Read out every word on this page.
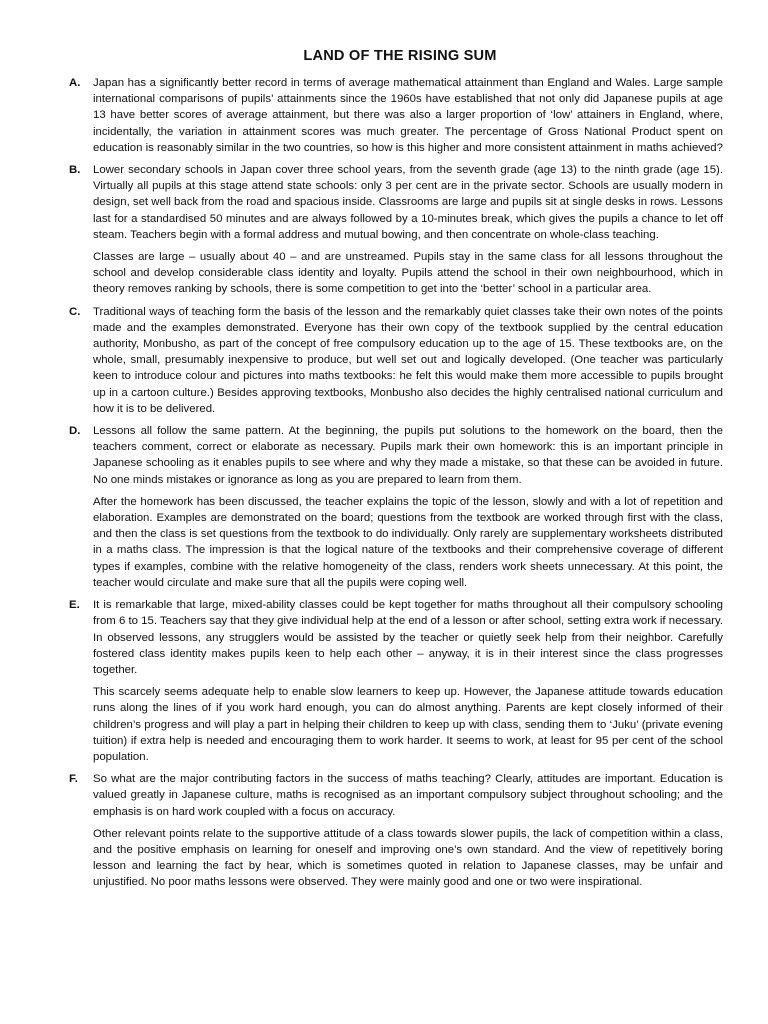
LAND OF THE RISING SUM
A.	Japan has a significantly better record in terms of average mathematical attainment than England and Wales. Large sample international comparisons of pupils’ attainments since the 1960s have established that not only did Japanese pupils at age 13 have better scores of average attainment, but there was also a larger proportion of ‘low’ attainers in England, where, incidentally, the variation in attainment scores was much greater. The percentage of Gross National Product spent on education is reasonably similar in the two countries, so how is this higher and more consistent attainment in maths achieved?

B.	Lower secondary schools in Japan cover three school years, from the seventh grade (age 13) to the ninth grade (age 15). Virtually all pupils at this stage attend state schools: only 3 per cent are in the private sector. Schools are usually modern in design, set well back from the road and spacious inside. Classrooms are large and pupils sit at single desks in rows. Lessons last for a standardised 50 minutes and are always followed by a 10-minutes break, which gives the pupils a chance to let off steam. Teachers begin with a formal address and mutual bowing, and then concentrate on whole-class teaching.

Classes are large – usually about 40 – and are unstreamed. Pupils stay in the same class for all lessons throughout the school and develop considerable class identity and loyalty. Pupils attend the school in their own neighbourhood, which in theory removes ranking by schools, there is some competition to get into the ‘better’ school in a particular area.

C.	Traditional ways of teaching form the basis of the lesson and the remarkably quiet classes take their own notes of the points made and the examples demonstrated. Everyone has their own copy of the textbook supplied by the central education authority, Monbusho, as part of the concept of free compulsory education up to the age of 15. These textbooks are, on the whole, small, presumably inexpensive to produce, but well set out and logically developed. (One teacher was particularly keen to introduce colour and pictures into maths textbooks: he felt this would make them more accessible to pupils brought up in a cartoon culture.) Besides approving textbooks, Monbusho also decides the highly centralised national curriculum and how it is to be delivered.

D.	Lessons all follow the same pattern. At the beginning, the pupils put solutions to the homework on the board, then the teachers comment, correct or elaborate as necessary. Pupils mark their own homework: this is an important principle in Japanese schooling as it enables pupils to see where and why they made a mistake, so that these can be avoided in future. No one minds mistakes or ignorance as long as you are prepared to learn from them.

After the homework has been discussed, the teacher explains the topic of the lesson, slowly and with a lot of repetition and elaboration. Examples are demonstrated on the board; questions from the textbook are worked through first with the class, and then the class is set questions from the textbook to do individually. Only rarely are supplementary worksheets distributed in a maths class. The impression is that the logical nature of the textbooks and their comprehensive coverage of different types if examples, combine with the relative homogeneity of the class, renders work sheets unnecessary. At this point, the teacher would circulate and make sure that all the pupils were coping well.

E.	It is remarkable that large, mixed-ability classes could be kept together for maths throughout all their compulsory schooling from 6 to 15. Teachers say that they give individual help at the end of a lesson or after school, setting extra work if necessary. In observed lessons, any strugglers would be assisted by the teacher or quietly seek help from their neighbor. Carefully fostered class identity makes pupils keen to help each other – anyway, it is in their interest since the class progresses together.

This scarcely seems adequate help to enable slow learners to keep up. However, the Japanese attitude towards education runs along the lines of if you work hard enough, you can do almost anything. Parents are kept closely informed of their children’s progress and will play a part in helping their children to keep up with class, sending them to ‘Juku’ (private evening tuition) if extra help is needed and encouraging them to work harder. It seems to work, at least for 95 per cent of the school population.

F.	So what are the major contributing factors in the success of maths teaching? Clearly, attitudes are important. Education is valued greatly in Japanese culture, maths is recognised as an important compulsory subject throughout schooling; and the emphasis is on hard work coupled with a focus on accuracy.

Other relevant points relate to the supportive attitude of a class towards slower pupils, the lack of competition within a class, and the positive emphasis on learning for oneself and improving one’s own standard. And the view of repetitively boring lesson and learning the fact by hear, which is sometimes quoted in relation to Japanese classes, may be unfair and unjustified. No poor maths lessons were observed. They were mainly good and one or two were inspirational.
